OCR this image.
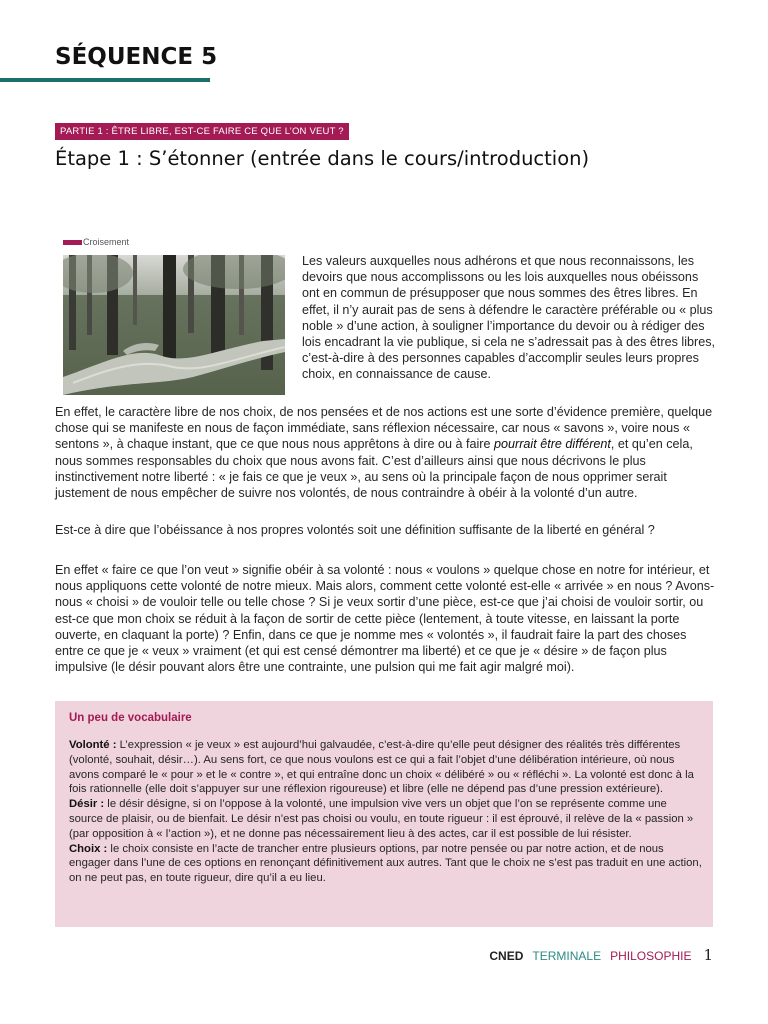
SÉQUENCE 5
PARTIE 1 : ÊTRE LIBRE, EST-CE FAIRE CE QUE L’ON VEUT ?
Étape 1 : S’étonner (entrée dans le cours/introduction)
Croisement

Les valeurs auxquelles nous adhérons et que nous reconnaissons, les devoirs que nous accomplissons ou les lois auxquelles nous obéissons ont en commun de présupposer que nous sommes des êtres libres. En effet, il n’y aurait pas de sens à défendre le caractère préférable ou « plus noble » d’une action, à souligner l’importance du devoir ou à rédiger des lois encadrant la vie publique, si cela ne s’adressait pas à des êtres libres, c’est-à-dire à des personnes capables d’accomplir seules leurs propres choix, en connaissance de cause.

En effet, le caractère libre de nos choix, de nos pensées et de nos actions est une sorte d’évidence première, quelque chose qui se manifeste en nous de façon immédiate, sans réflexion nécessaire, car nous « savons », voire nous « sentons », à chaque instant, que ce que nous nous apprêtons à dire ou à faire pourrait être différent, et qu’en cela, nous sommes responsables du choix que nous avons fait. C’est d’ailleurs ainsi que nous décrivons le plus instinctivement notre liberté : « je fais ce que je veux », au sens où la principale façon de nous opprimer serait justement de nous empêcher de suivre nos volontés, de nous contraindre à obéir à la volonté d’un autre.

Est-ce à dire que l’obéissance à nos propres volontés soit une définition suffisante de la liberté en général ?

En effet « faire ce que l’on veut » signifie obéir à sa volonté : nous « voulons » quelque chose en notre for intérieur, et nous appliquons cette volonté de notre mieux. Mais alors, comment cette volonté est-elle « arrivée » en nous ? Avons-nous « choisi » de vouloir telle ou telle chose ? Si je veux sortir d’une pièce, est-ce que j’ai choisi de vouloir sortir, ou est-ce que mon choix se réduit à la façon de sortir de cette pièce (lentement, à toute vitesse, en laissant la porte ouverte, en claquant la porte) ? Enfin, dans ce que je nomme mes « volontés », il faudrait faire la part des choses entre ce que je « veux » vraiment (et qui est censé démontrer ma liberté) et ce que je « désire » de façon plus impulsive (le désir pouvant alors être une contrainte, une pulsion qui me fait agir malgré moi).

Un peu de vocabulaire

Volonté : L’expression « je veux » est aujourd’hui galvaudée, c’est-à-dire qu’elle peut désigner des réalités très différentes (volonté, souhait, désir…). Au sens fort, ce que nous voulons est ce qui a fait l’objet d’une délibération intérieure, où nous avons comparé le « pour » et le « contre », et qui entraîne donc un choix « délibéré » ou « réfléchi ». La volonté est donc à la fois rationnelle (elle doit s’appuyer sur une réflexion rigoureuse) et libre (elle ne dépend pas d’une pression extérieure).

Désir : le désir désigne, si on l’oppose à la volonté, une impulsion vive vers un objet que l’on se représente comme une source de plaisir, ou de bienfait. Le désir n’est pas choisi ou voulu, en toute rigueur : il est éprouvé, il relève de la « passion » (par opposition à « l’action »), et ne donne pas nécessairement lieu à des actes, car il est possible de lui résister.

Choix : le choix consiste en l’acte de trancher entre plusieurs options, par notre pensée ou par notre action, et de nous engager dans l’une de ces options en renonçant définitivement aux autres. Tant que le choix ne s’est pas traduit en une action, on ne peut pas, en toute rigueur, dire qu’il a eu lieu.

CNED TERMINALE PHILOSOPHIE 1
